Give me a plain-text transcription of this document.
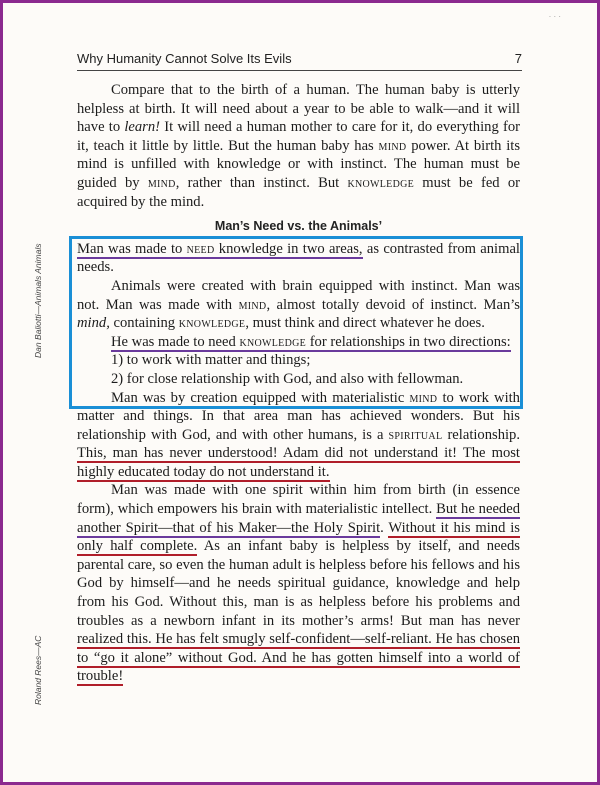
· · ·
Why Humanity Cannot Solve Its Evils	7
Dan Baliotti—Animals Animals
Roland Rees—AC

Compare that to the birth of a human. The human baby is utterly helpless at birth. It will need about a year to be able to walk—and it will have to learn! It will need a human mother to care for it, do everything for it, teach it little by little. But the human baby has mind power. At birth its mind is unfilled with knowledge or with instinct. The human must be guided by mind, rather than instinct. But knowledge must be fed or acquired by the mind.

Man’s Need vs. the Animals’

Man was made to need knowledge in two areas, as contrasted from animal needs.

Animals were created with brain equipped with instinct. Man was not. Man was made with mind, almost totally devoid of instinct. Man’s mind, containing knowledge, must think and direct whatever he does.

He was made to need knowledge for relationships in two directions:

1) to work with matter and things;

2) for close relationship with God, and also with fellowman.

Man was by creation equipped with materialistic mind to work with matter and things. In that area man has achieved wonders. But his relationship with God, and with other humans, is a spiritual relationship. This, man has never understood! Adam did not understand it! The most highly educated today do not understand it.

Man was made with one spirit within him from birth (in essence form), which empowers his brain with materialistic intellect. But he needed another Spirit—that of his Maker—the Holy Spirit. Without it his mind is only half complete. As an infant baby is helpless by itself, and needs parental care, so even the human adult is helpless before his fellows and his God by himself—and he needs spiritual guidance, knowledge and help from his God. Without this, man is as helpless before his problems and troubles as a newborn infant in its mother’s arms! But man has never realized this. He has felt smugly self-confident—self-reliant. He has chosen to “go it alone” without God. And he has gotten himself into a world of trouble!
